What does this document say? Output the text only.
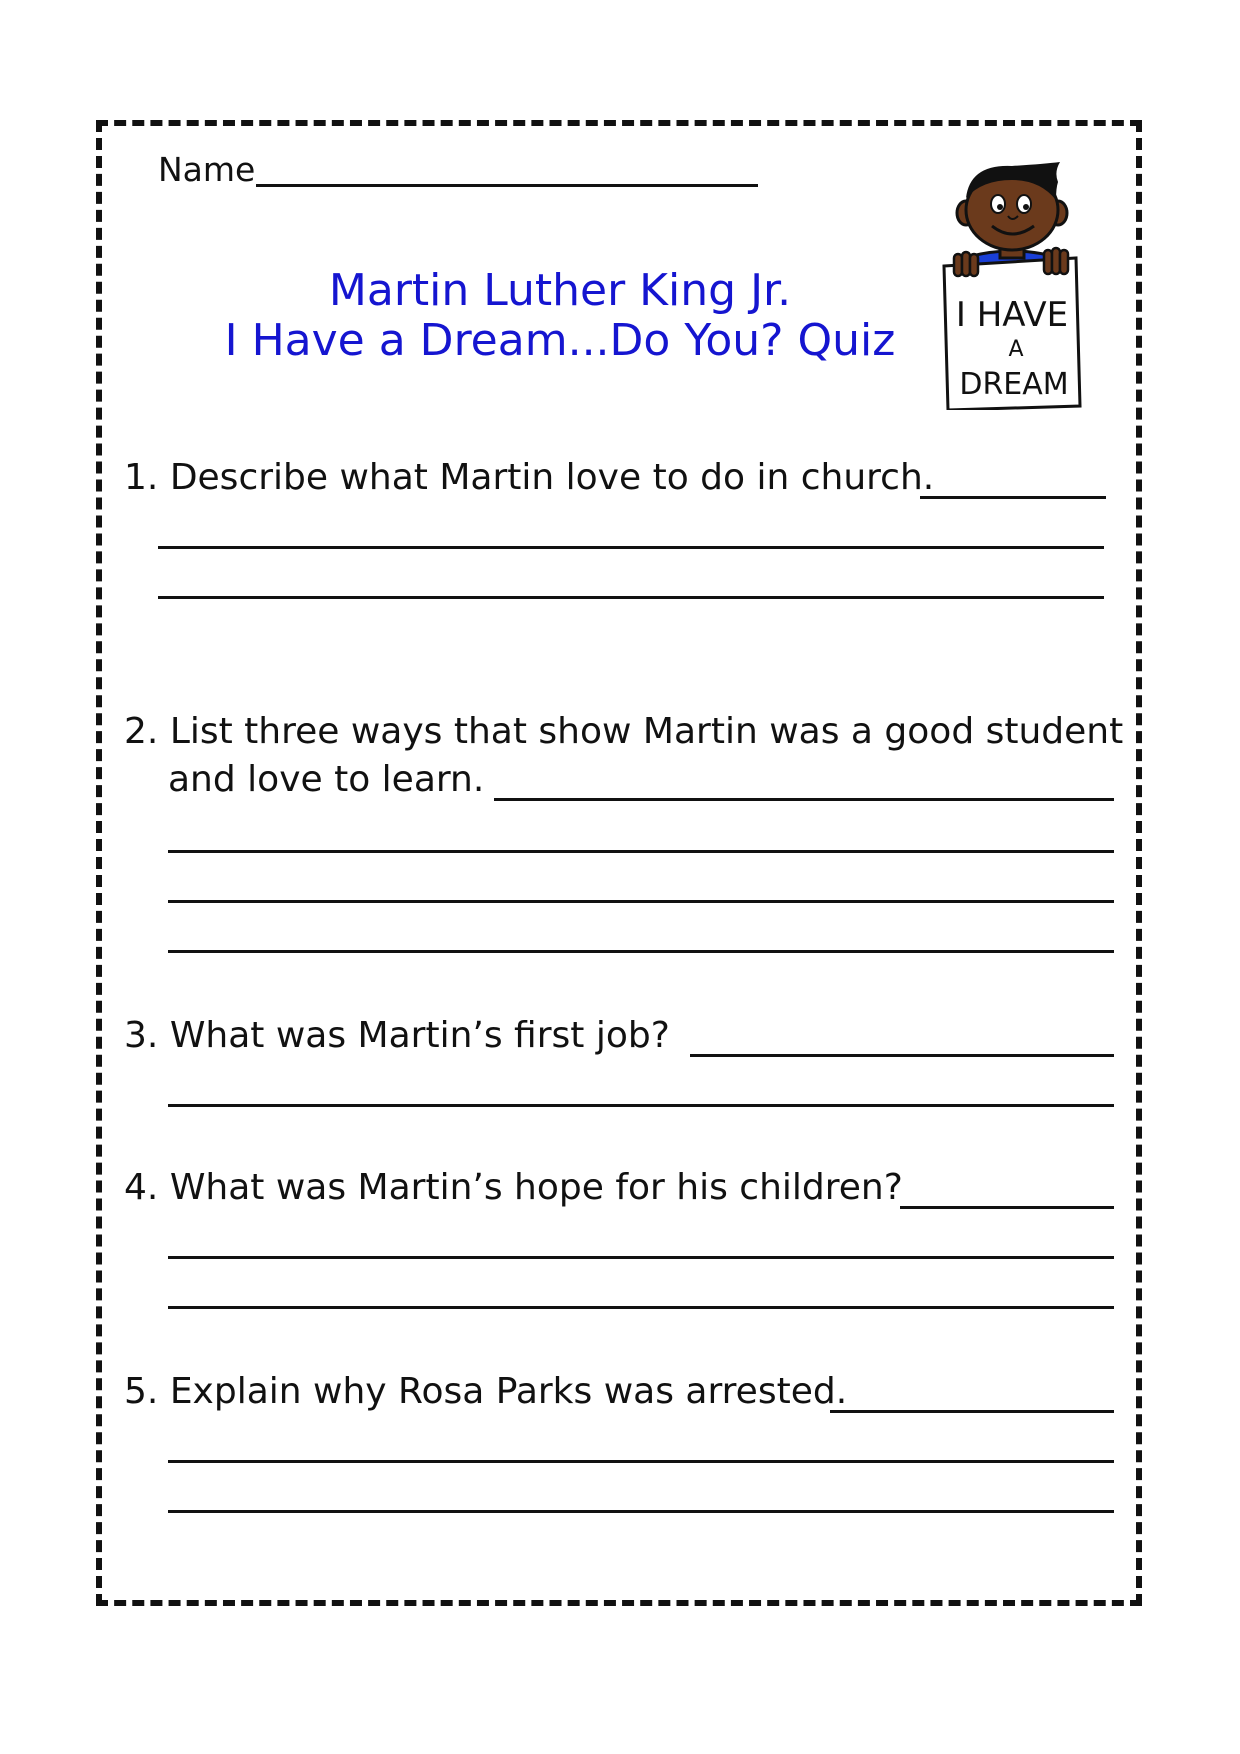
Name
Martin Luther King Jr.
I Have a Dream...Do You? Quiz	I HAVE
A
DREAM
1. Describe what Martin love to do in church.
2. List three ways that show Martin was a good student
and love to learn.
3. What was Martin’s first job?
4. What was Martin’s hope for his children?
5. Explain why Rosa Parks was arrested.
